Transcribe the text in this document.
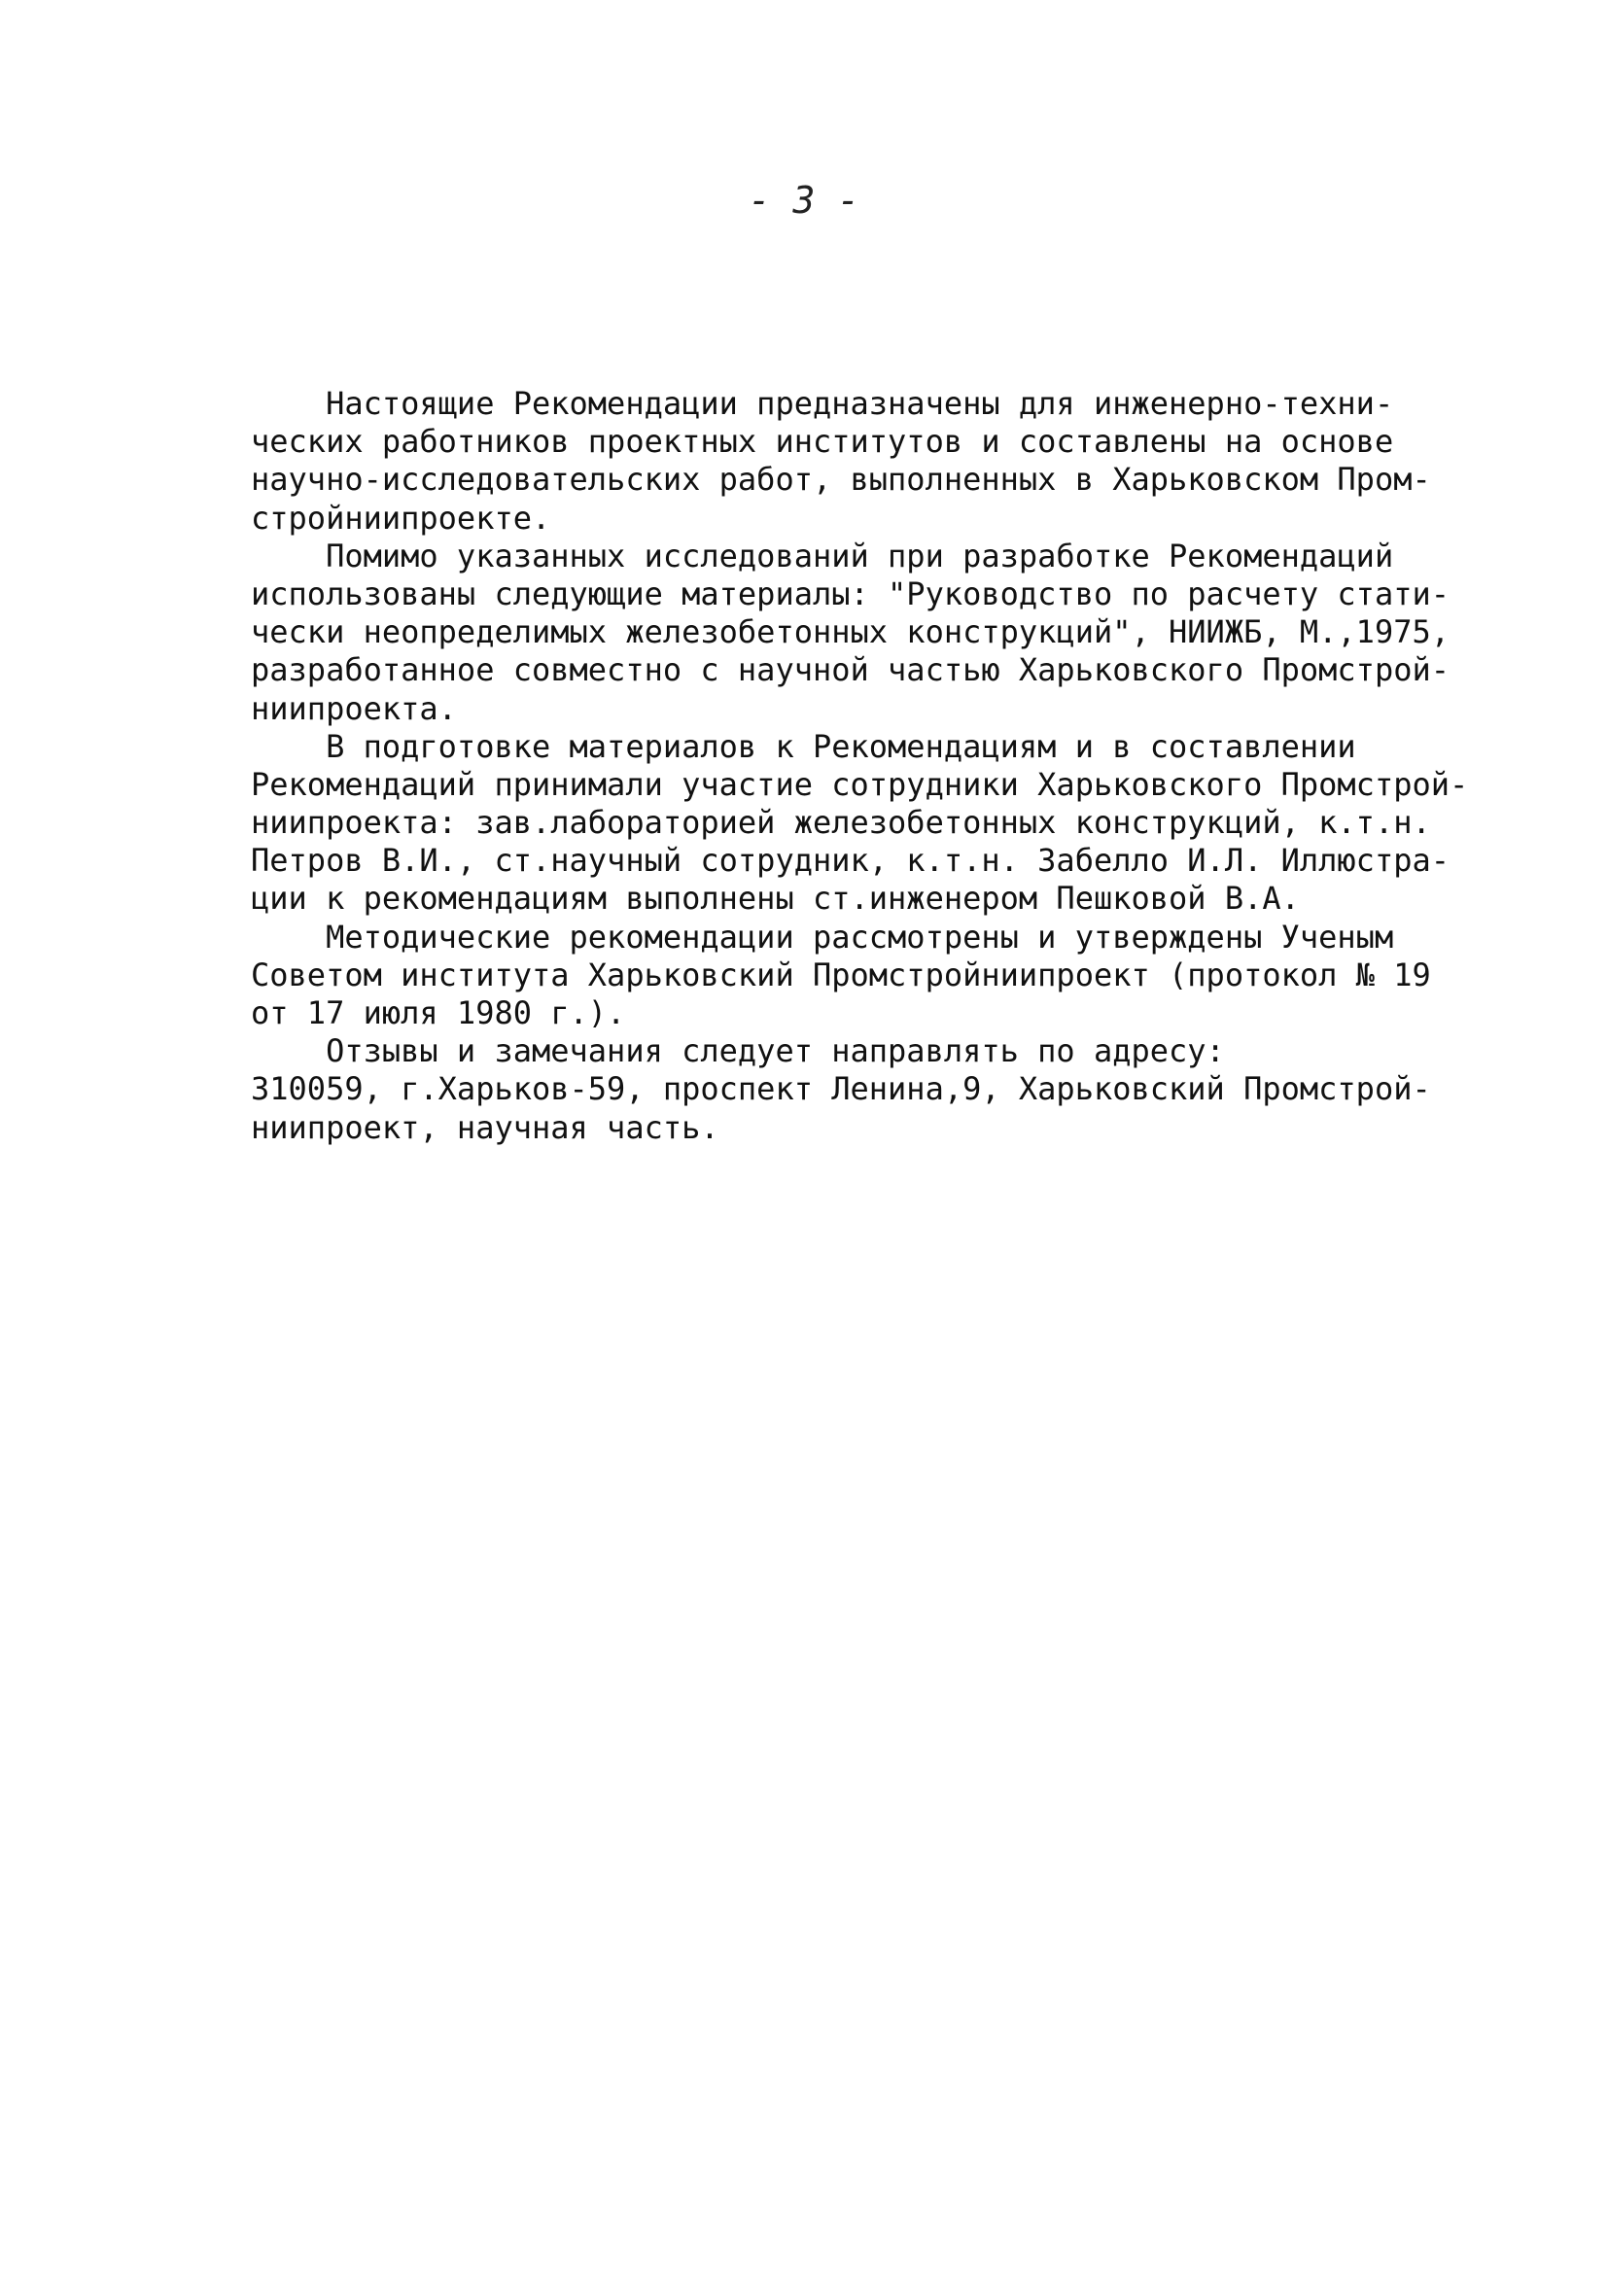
- 3 -
Настоящие Рекомендации предназначены для инженерно-техни-
ческих работников проектных институтов и составлены на основе
научно-исследовательских работ, выполненных в Харьковском Пром-
стройниипроекте.
Помимо указанных исследований при разработке Рекомендаций
использованы следующие материалы: "Руководство по расчету стати-
чески неопределимых железобетонных конструкций", НИИЖБ, М.,1975,
разработанное совместно с научной частью Харьковского Промстрой-
ниипроекта.
В подготовке материалов к Рекомендациям и в составлении
Рекомендаций принимали участие сотрудники Харьковского Промстрой-
ниипроекта: зав.лабораторией железобетонных конструкций, к.т.н.
Петров В.И., ст.научный сотрудник, к.т.н. Забелло И.Л. Иллюстра-
ции к рекомендациям выполнены ст.инженером Пешковой В.А.
Методические рекомендации рассмотрены и утверждены Ученым
Советом института Харьковский Промстройниипроект (протокол № 19
от 17 июля 1980 г.).
Отзывы и замечания следует направлять по адресу:
310059, г.Харьков-59, проспект Ленина,9, Харьковский Промстрой-
ниипроект, научная часть.
